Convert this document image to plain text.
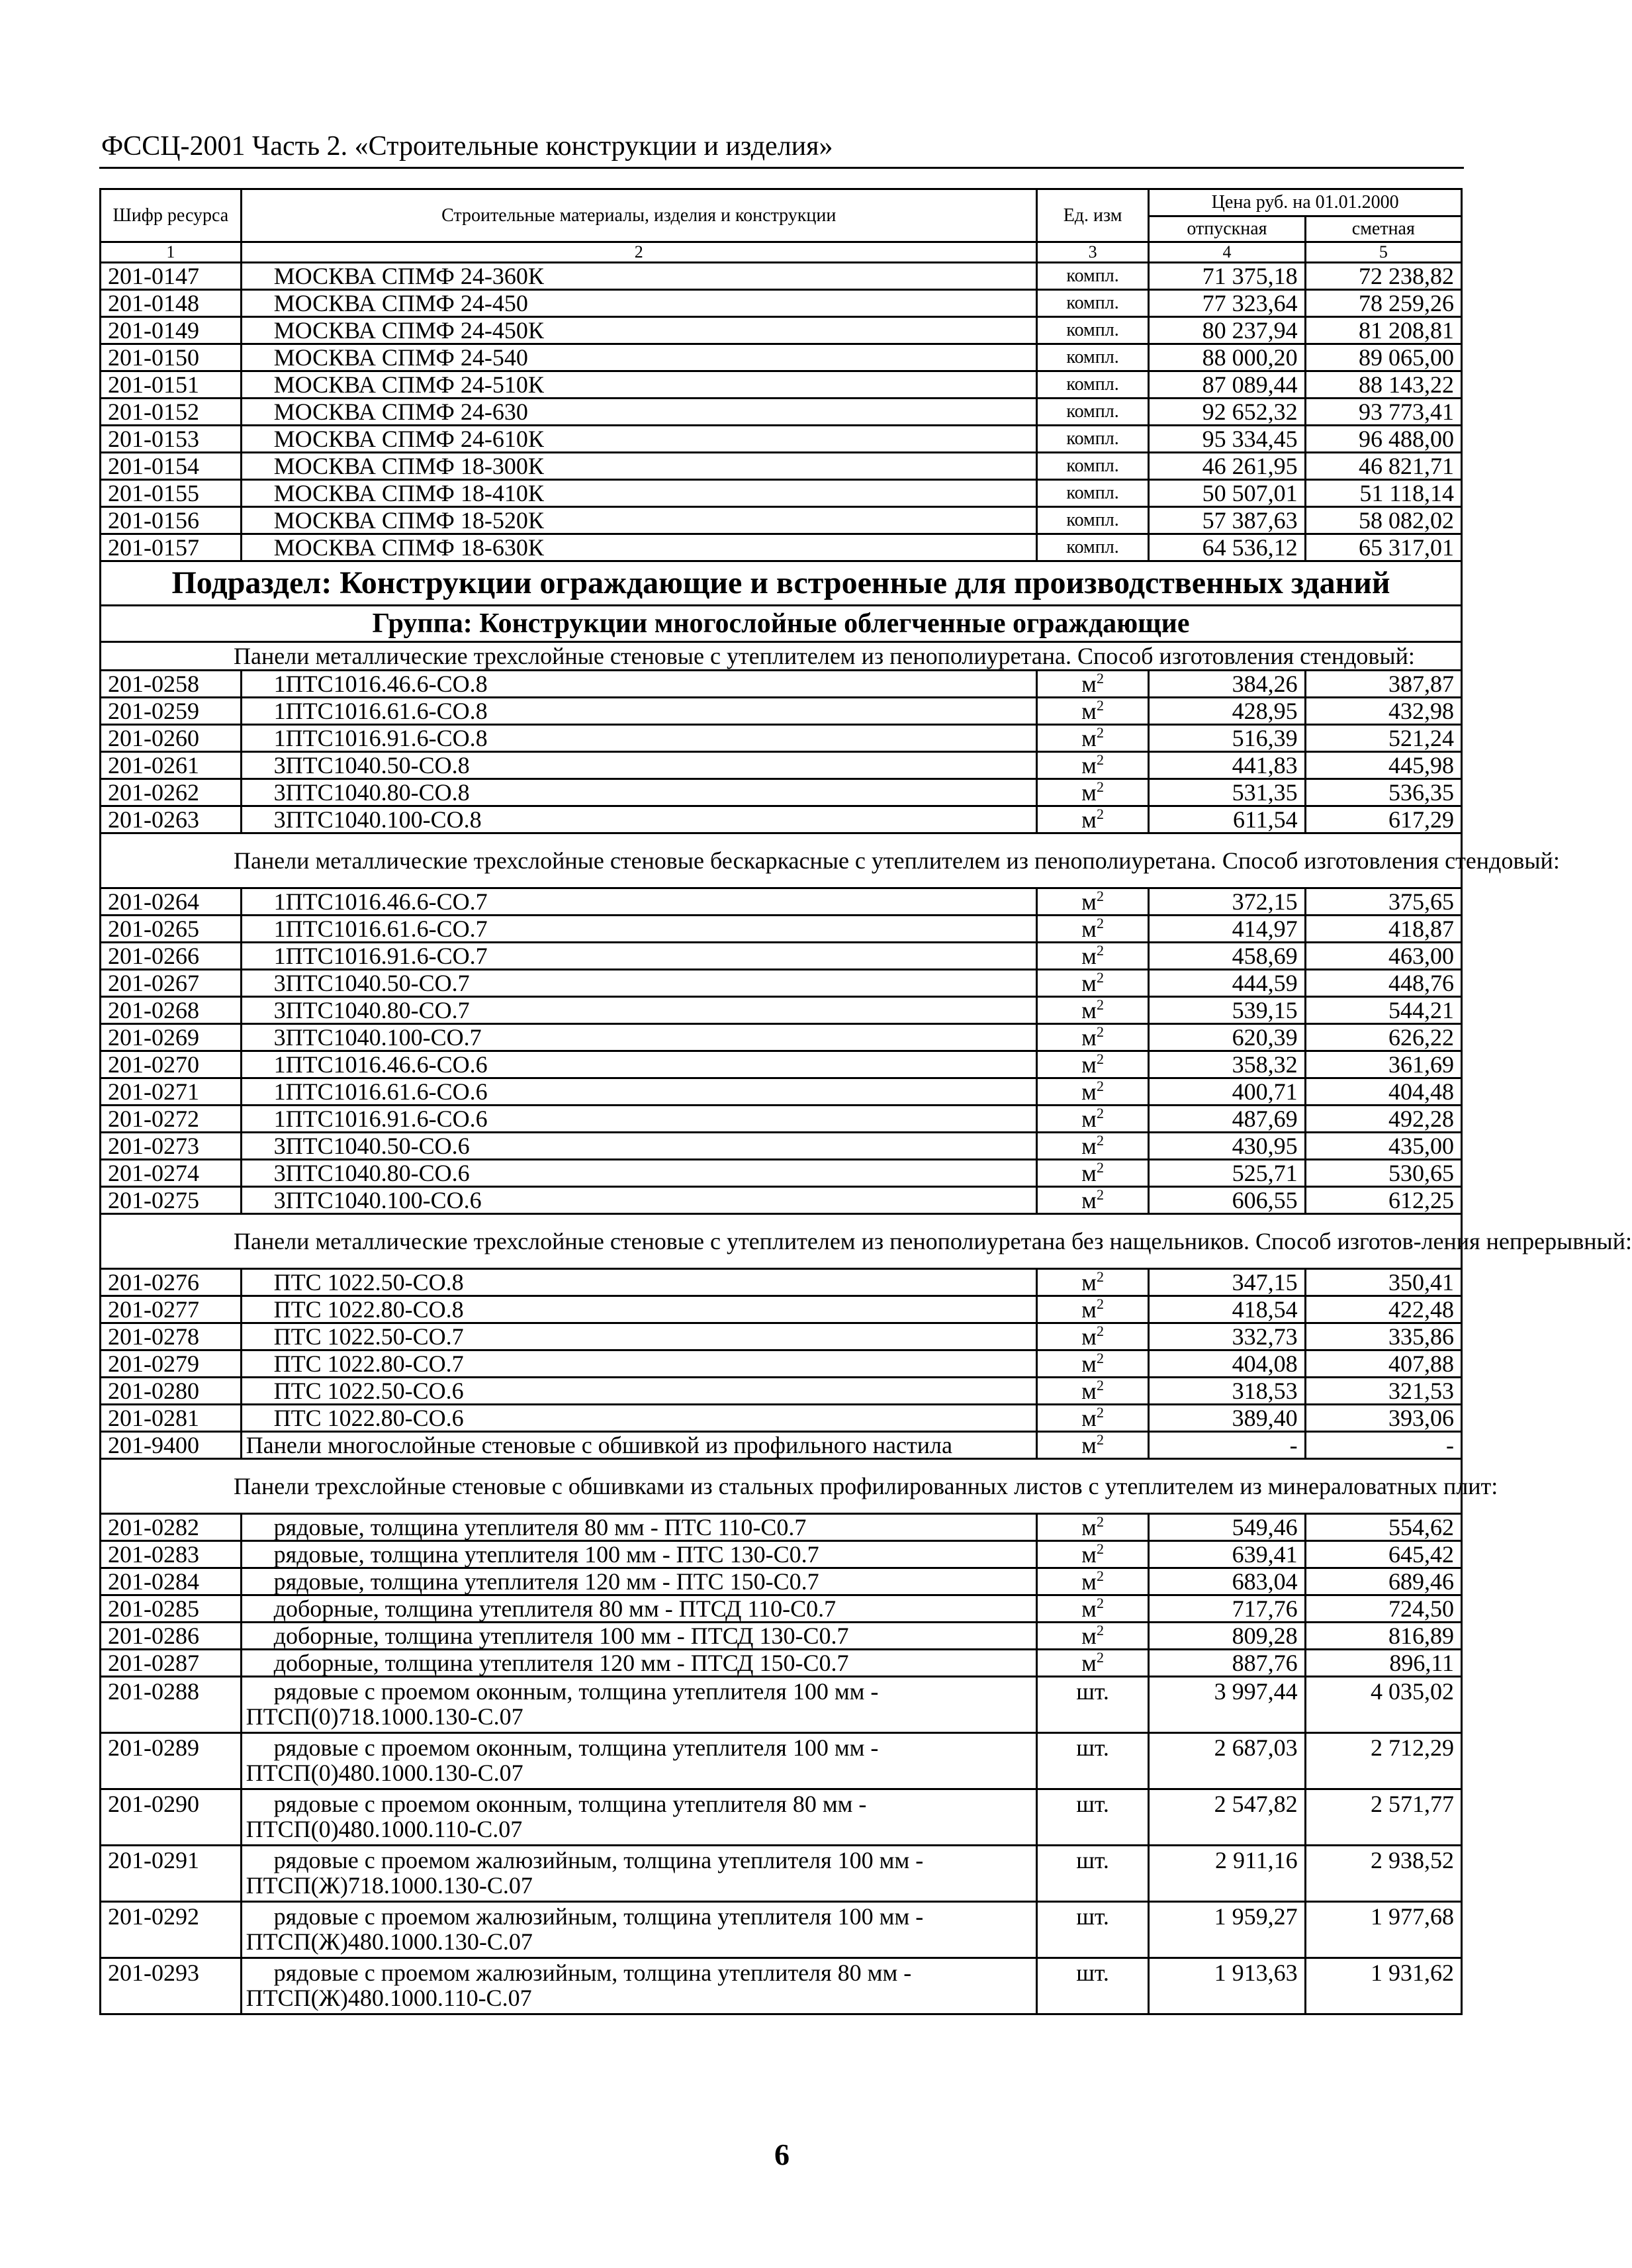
ФССЦ-2001 Часть 2. «Строительные конструкции и изделия»
Шифр ресурса	Строительные материалы, изделия и конструкции	Ед. изм	Цена руб. на 01.01.2000	
			отпускная	сметная
1	2	3	4	5
201-0147	МОСКВА СПМФ 24-360К	компл.	71 375,18	72 238,82
201-0148	МОСКВА СПМФ 24-450	компл.	77 323,64	78 259,26
201-0149	МОСКВА СПМФ 24-450К	компл.	80 237,94	81 208,81
201-0150	МОСКВА СПМФ 24-540	компл.	88 000,20	89 065,00
201-0151	МОСКВА СПМФ 24-510К	компл.	87 089,44	88 143,22
201-0152	МОСКВА СПМФ 24-630	компл.	92 652,32	93 773,41
201-0153	МОСКВА СПМФ 24-610К	компл.	95 334,45	96 488,00
201-0154	МОСКВА СПМФ 18-300К	компл.	46 261,95	46 821,71
201-0155	МОСКВА СПМФ 18-410К	компл.	50 507,01	51 118,14
201-0156	МОСКВА СПМФ 18-520К	компл.	57 387,63	58 082,02
201-0157	МОСКВА СПМФ 18-630К	компл.	64 536,12	65 317,01
Подраздел: Конструкции ограждающие и встроенные для производственных зданий				
Группа: Конструкции многослойные облегченные ограждающие				
Панели металлические трехслойные стеновые с утеплителем из пенополиуретана. Способ изготовления стендовый:				
201-0258	1ПТС1016.46.6-СО.8	$м^2$	384,26	387,87
201-0259	1ПТС1016.61.6-СО.8	$м^2$	428,95	432,98
201-0260	1ПТС1016.91.6-СО.8	$м^2$	516,39	521,24
201-0261	3ПТС1040.50-СО.8	$м^2$	441,83	445,98
201-0262	3ПТС1040.80-СО.8	$м^2$	531,35	536,35
201-0263	3ПТС1040.100-СО.8	$м^2$	611,54	617,29
Панели металлические трехслойные стеновые бескаркасные с утеплителем из пенополиуретана. Способ изготовления стендовый:				
201-0264	1ПТС1016.46.6-СО.7	$м^2$	372,15	375,65
201-0265	1ПТС1016.61.6-СО.7	$м^2$	414,97	418,87
201-0266	1ПТС1016.91.6-СО.7	$м^2$	458,69	463,00
201-0267	3ПТС1040.50-СО.7	$м^2$	444,59	448,76
201-0268	3ПТС1040.80-СО.7	$м^2$	539,15	544,21
201-0269	3ПТС1040.100-СО.7	$м^2$	620,39	626,22
201-0270	1ПТС1016.46.6-СО.6	$м^2$	358,32	361,69
201-0271	1ПТС1016.61.6-СО.6	$м^2$	400,71	404,48
201-0272	1ПТС1016.91.6-СО.6	$м^2$	487,69	492,28
201-0273	3ПТС1040.50-СО.6	$м^2$	430,95	435,00
201-0274	3ПТС1040.80-СО.6	$м^2$	525,71	530,65
201-0275	3ПТС1040.100-СО.6	$м^2$	606,55	612,25
Панели металлические трехслойные стеновые с утеплителем из пенополиуретана без нащельников. Способ изготов-ления непрерывный:				
201-0276	ПТС 1022.50-СО.8	$м^2$	347,15	350,41
201-0277	ПТС 1022.80-СО.8	$м^2$	418,54	422,48
201-0278	ПТС 1022.50-СО.7	$м^2$	332,73	335,86
201-0279	ПТС 1022.80-СО.7	$м^2$	404,08	407,88
201-0280	ПТС 1022.50-СО.6	$м^2$	318,53	321,53
201-0281	ПТС 1022.80-СО.6	$м^2$	389,40	393,06
201-9400	Панели многослойные стеновые с обшивкой из профильного настила	$м^2$	-	-
Панели трехслойные стеновые с обшивками из стальных профилированных листов с утеплителем из минераловатных плит:				
201-0282	рядовые, толщина утеплителя 80 мм - ПТС 110-С0.7	$м^2$	549,46	554,62
201-0283	рядовые, толщина утеплителя 100 мм - ПТС 130-С0.7	$м^2$	639,41	645,42
201-0284	рядовые, толщина утеплителя 120 мм - ПТС 150-С0.7	$м^2$	683,04	689,46
201-0285	доборные, толщина утеплителя 80 мм - ПТСД 110-С0.7	$м^2$	717,76	724,50
201-0286	доборные, толщина утеплителя 100 мм - ПТСД 130-С0.7	$м^2$	809,28	816,89
201-0287	доборные, толщина утеплителя 120 мм - ПТСД 150-С0.7	$м^2$	887,76	896,11
201-0288	рядовые с проемом оконным, толщина утеплителя 100 мм - ПТСП(0)718.1000.130-С.07	шт.	3 997,44	4 035,02
201-0289	рядовые с проемом оконным, толщина утеплителя 100 мм - ПТСП(0)480.1000.130-С.07	шт.	2 687,03	2 712,29
201-0290	рядовые с проемом оконным, толщина утеплителя 80 мм - ПТСП(0)480.1000.110-С.07	шт.	2 547,82	2 571,77
201-0291	рядовые с проемом жалюзийным, толщина утеплителя 100 мм - ПТСП(Ж)718.1000.130-С.07	шт.	2 911,16	2 938,52
201-0292	рядовые с проемом жалюзийным, толщина утеплителя 100 мм - ПТСП(Ж)480.1000.130-С.07	шт.	1 959,27	1 977,68
201-0293	рядовые с проемом жалюзийным, толщина утеплителя 80 мм - ПТСП(Ж)480.1000.110-С.07	шт.	1 913,63	1 931,62
6
